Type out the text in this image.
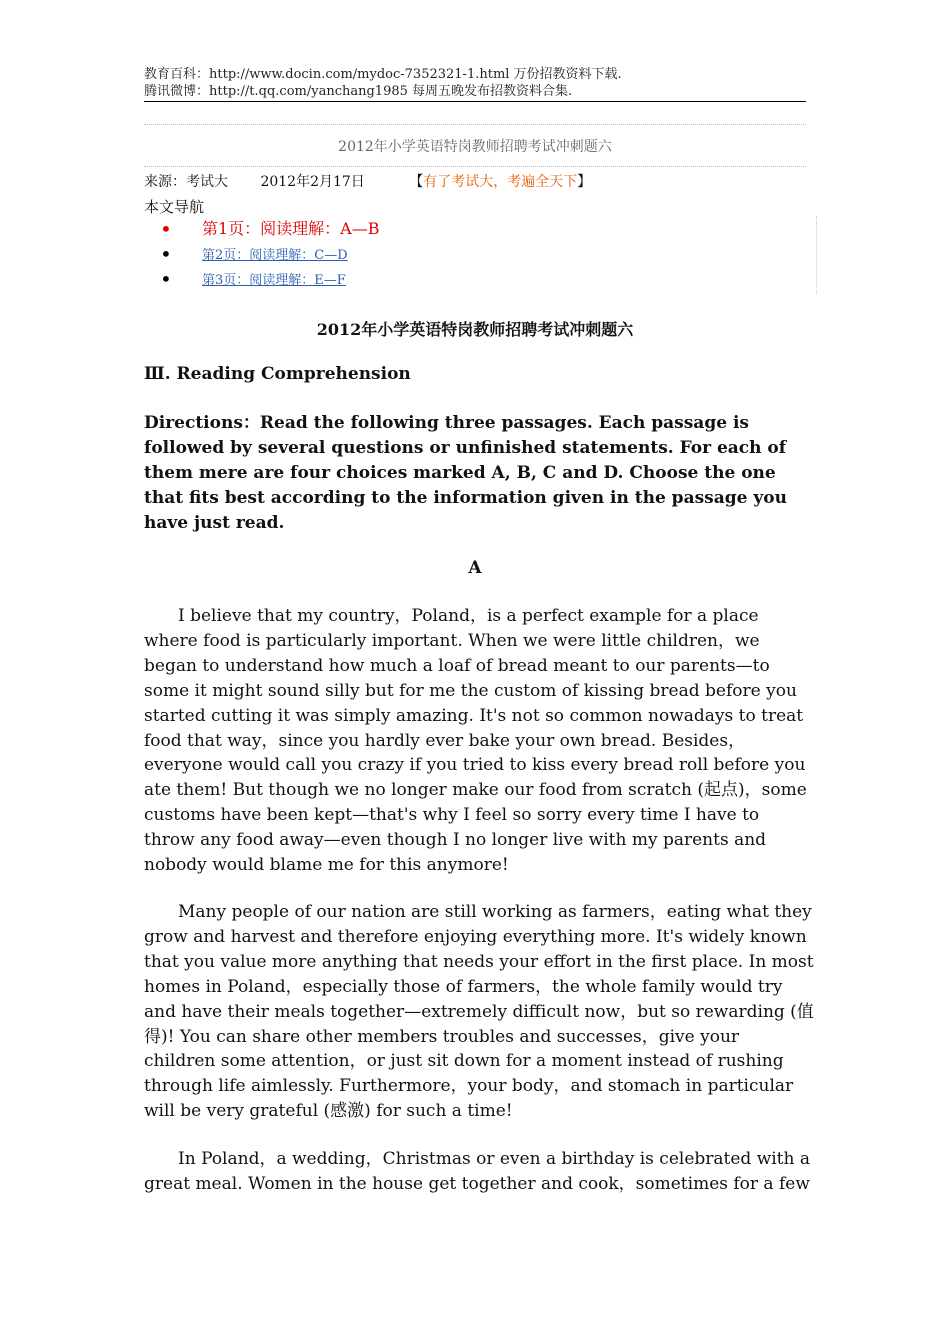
教育百科：http://www.docin.com/mydoc-7352321-1.html 万份招教资料下载.
腾讯微博：http://t.qq.com/yanchang1985 每周五晚发布招教资料合集.
2012年小学英语特岗教师招聘考试冲刺题六
来源：考试大 2012年2月17日	【有了考试大，考遍全天下】
本文导航
• 第1页：阅读理解：A—B
• 第2页：阅读理解：C—D
• 第3页：阅读理解：E—F
2012年小学英语特岗教师招聘考试冲刺题六
Ⅲ. Reading Comprehension
Directions：Read the following three passages. Each passage is followed by several questions or unfinished statements. For each of them mere are four choices marked A, B, C and D. Choose the one that fits best according to the information given in the passage you have just read.
A
I believe that my country，Poland，is a perfect example for a place where food is particularly important. When we were little children，we began to understand how much a loaf of bread meant to our parents—to some it might sound silly but for me the custom of kissing bread before you started cutting it was simply amazing. It's not so common nowadays to treat food that way，since you hardly ever bake your own bread. Besides，everyone would call you crazy if you tried to kiss every bread roll before you ate them! But though we no longer make our food from scratch (起点)，some customs have been kept—that's why I feel so sorry every time I have to throw any food away—even though I no longer live with my parents and nobody would blame me for this anymore!
Many people of our nation are still working as farmers，eating what they grow and harvest and therefore enjoying everything more. It's widely known that you value more anything that needs your effort in the first place. In most homes in Poland，especially those of farmers，the whole family would try and have their meals together—extremely difficult now，but so rewarding (值得)! You can share other members troubles and successes，give your children some attention，or just sit down for a moment instead of rushing through life aimlessly. Furthermore，your body，and stomach in particular will be very grateful (感激) for such a time!
In Poland，a wedding，Christmas or even a birthday is celebrated with a great meal. Women in the house get together and cook，sometimes for a few
